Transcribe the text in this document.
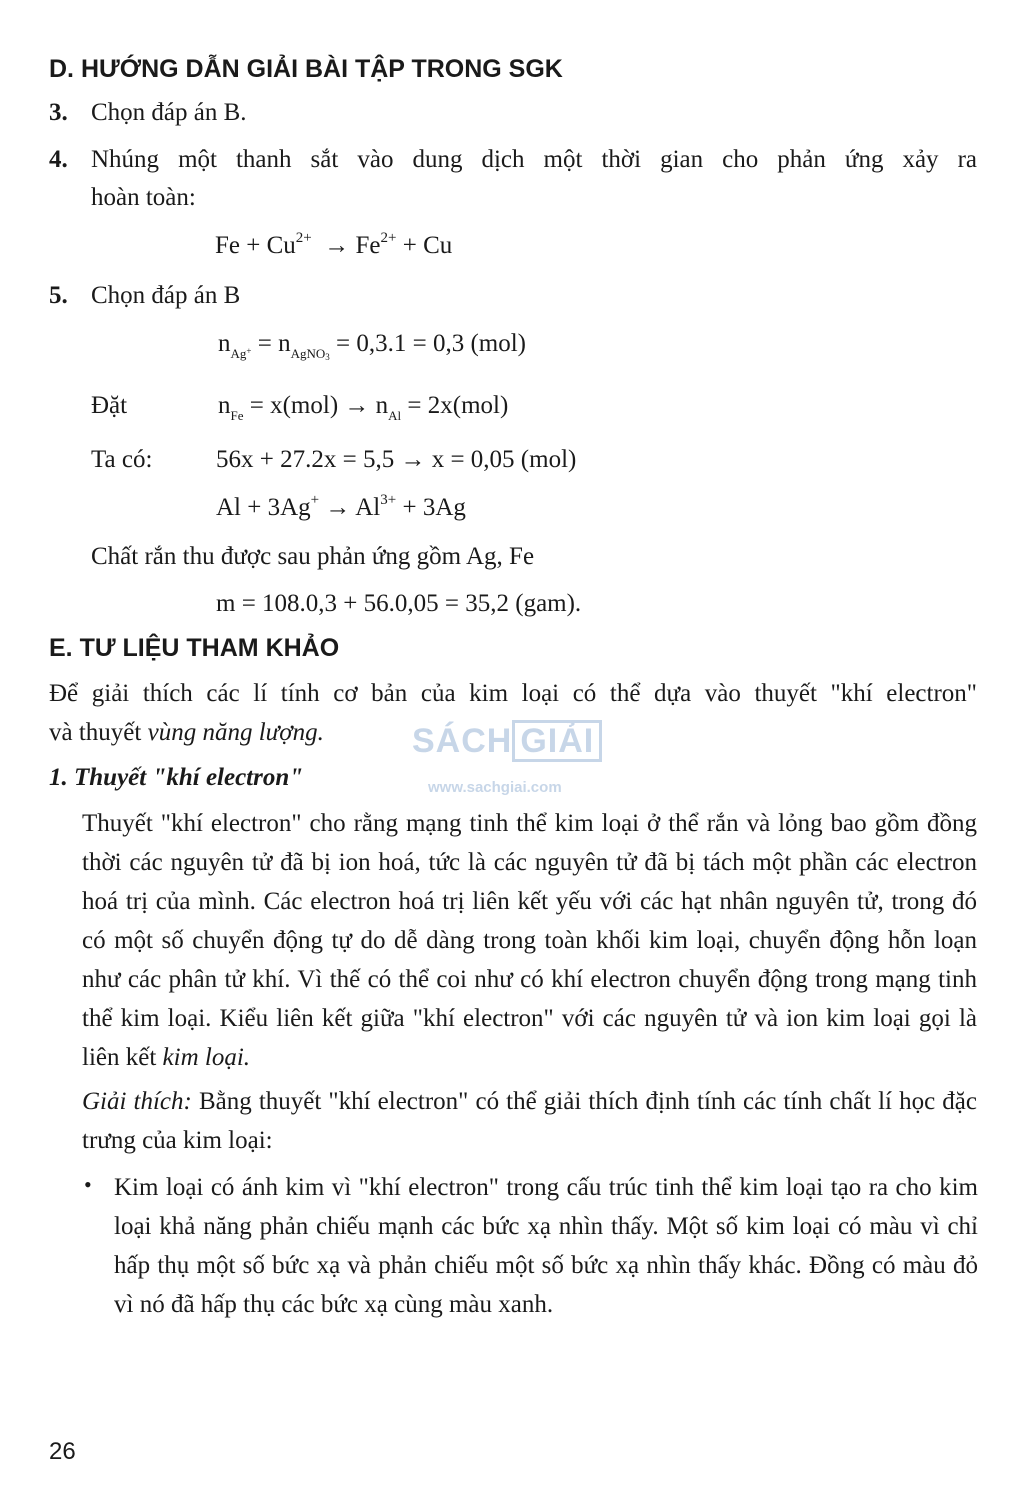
D. HƯỚNG DẪN GIẢI BÀI TẬP TRONG SGK
3. Chọn đáp án B.
4. Nhúng một thanh sắt vào dung dịch một thời gian cho phản ứng xảy ra
hoàn toàn:
$Fe + Cu^{2+} \to Fe^{2+} + Cu$
5. Chọn đáp án B
$n_{Ag^+} = n_{AgNO_3} = 0,3.1 = 0,3$ (mol)
Đặt	$n_{Fe} = x(mol) \to n_{Al} = 2x(mol)$
Ta có:	56x + 27.2x = 5,5 → x = 0,05 (mol)
$Al + 3Ag^+ \to Al^{3+} + 3Ag$
Chất rắn thu được sau phản ứng gồm Ag, Fe
m = 108.0,3 + 56.0,05 = 35,2 (gam).
E. TƯ LIỆU THAM KHẢO
Để giải thích các lí tính cơ bản của kim loại có thể dựa vào thuyết "khí electron"
và thuyết vùng năng lượng.	SÁCH GIẢI
www.sachgiai.com
1. Thuyết "khí electron"
Thuyết "khí electron" cho rằng mạng tinh thể kim loại ở thể rắn và lỏng bao gồm đồng thời các nguyên tử đã bị ion hoá, tức là các nguyên tử đã bị tách một phần các electron hoá trị của mình. Các electron hoá trị liên kết yếu với các hạt nhân nguyên tử, trong đó có một số chuyển động tự do dễ dàng trong toàn khối kim loại, chuyển động hỗn loạn như các phân tử khí. Vì thế có thể coi như có khí electron chuyển động trong mạng tinh thể kim loại. Kiểu liên kết giữa "khí electron" với các nguyên tử và ion kim loại gọi là liên kết kim loại.
Giải thích: Bằng thuyết "khí electron" có thể giải thích định tính các tính chất lí học đặc trưng của kim loại:
• Kim loại có ánh kim vì "khí electron" trong cấu trúc tinh thể kim loại tạo ra cho kim loại khả năng phản chiếu mạnh các bức xạ nhìn thấy. Một số kim loại có màu vì chỉ hấp thụ một số bức xạ và phản chiếu một số bức xạ nhìn thấy khác. Đồng có màu đỏ vì nó đã hấp thụ các bức xạ cùng màu xanh.
26
